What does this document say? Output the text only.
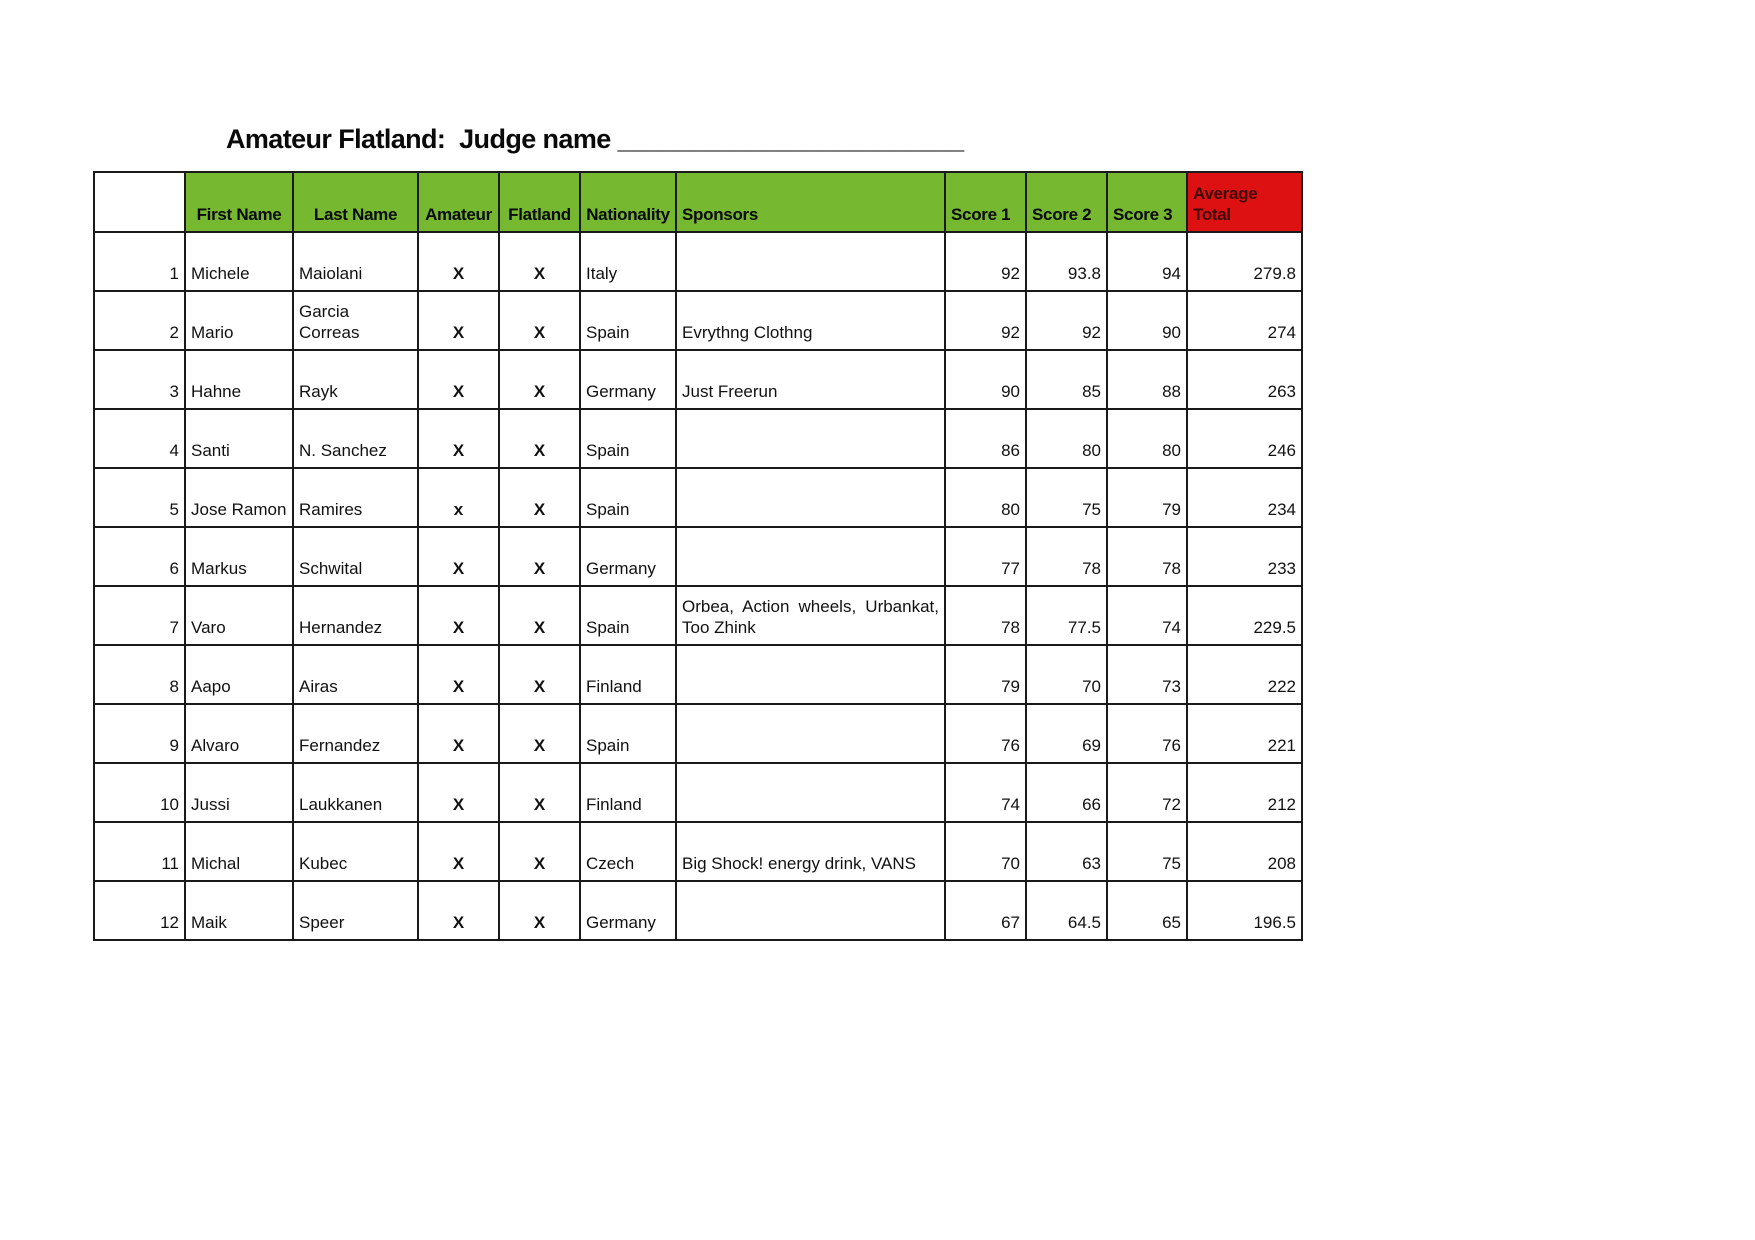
Amateur Flatland:  Judge name ________________________
	First Name	Last Name	Amateur	Flatland	Nationality	Sponsors	Score 1	Score 2	Score 3	Average Total
1	Michele	Maiolani	X	X	Italy		92	93.8	94	279.8
2	Mario	Garcia Correas	X	X	Spain	Evrythng Clothng	92	92	90	274
3	Hahne	Rayk	X	X	Germany	Just Freerun	90	85	88	263
4	Santi	N. Sanchez	X	X	Spain		86	80	80	246
5	Jose Ramon	Ramires	x	X	Spain		80	75	79	234
6	Markus	Schwital	X	X	Germany		77	78	78	233
7	Varo	Hernandez	X	X	Spain	Orbea, Action wheels, Urbankat, Too Zhink	78	77.5	74	229.5
8	Aapo	Airas	X	X	Finland		79	70	73	222
9	Alvaro	Fernandez	X	X	Spain		76	69	76	221
10	Jussi	Laukkanen	X	X	Finland		74	66	72	212
11	Michal	Kubec	X	X	Czech	Big Shock! energy drink, VANS	70	63	75	208
12	Maik	Speer	X	X	Germany		67	64.5	65	196.5
